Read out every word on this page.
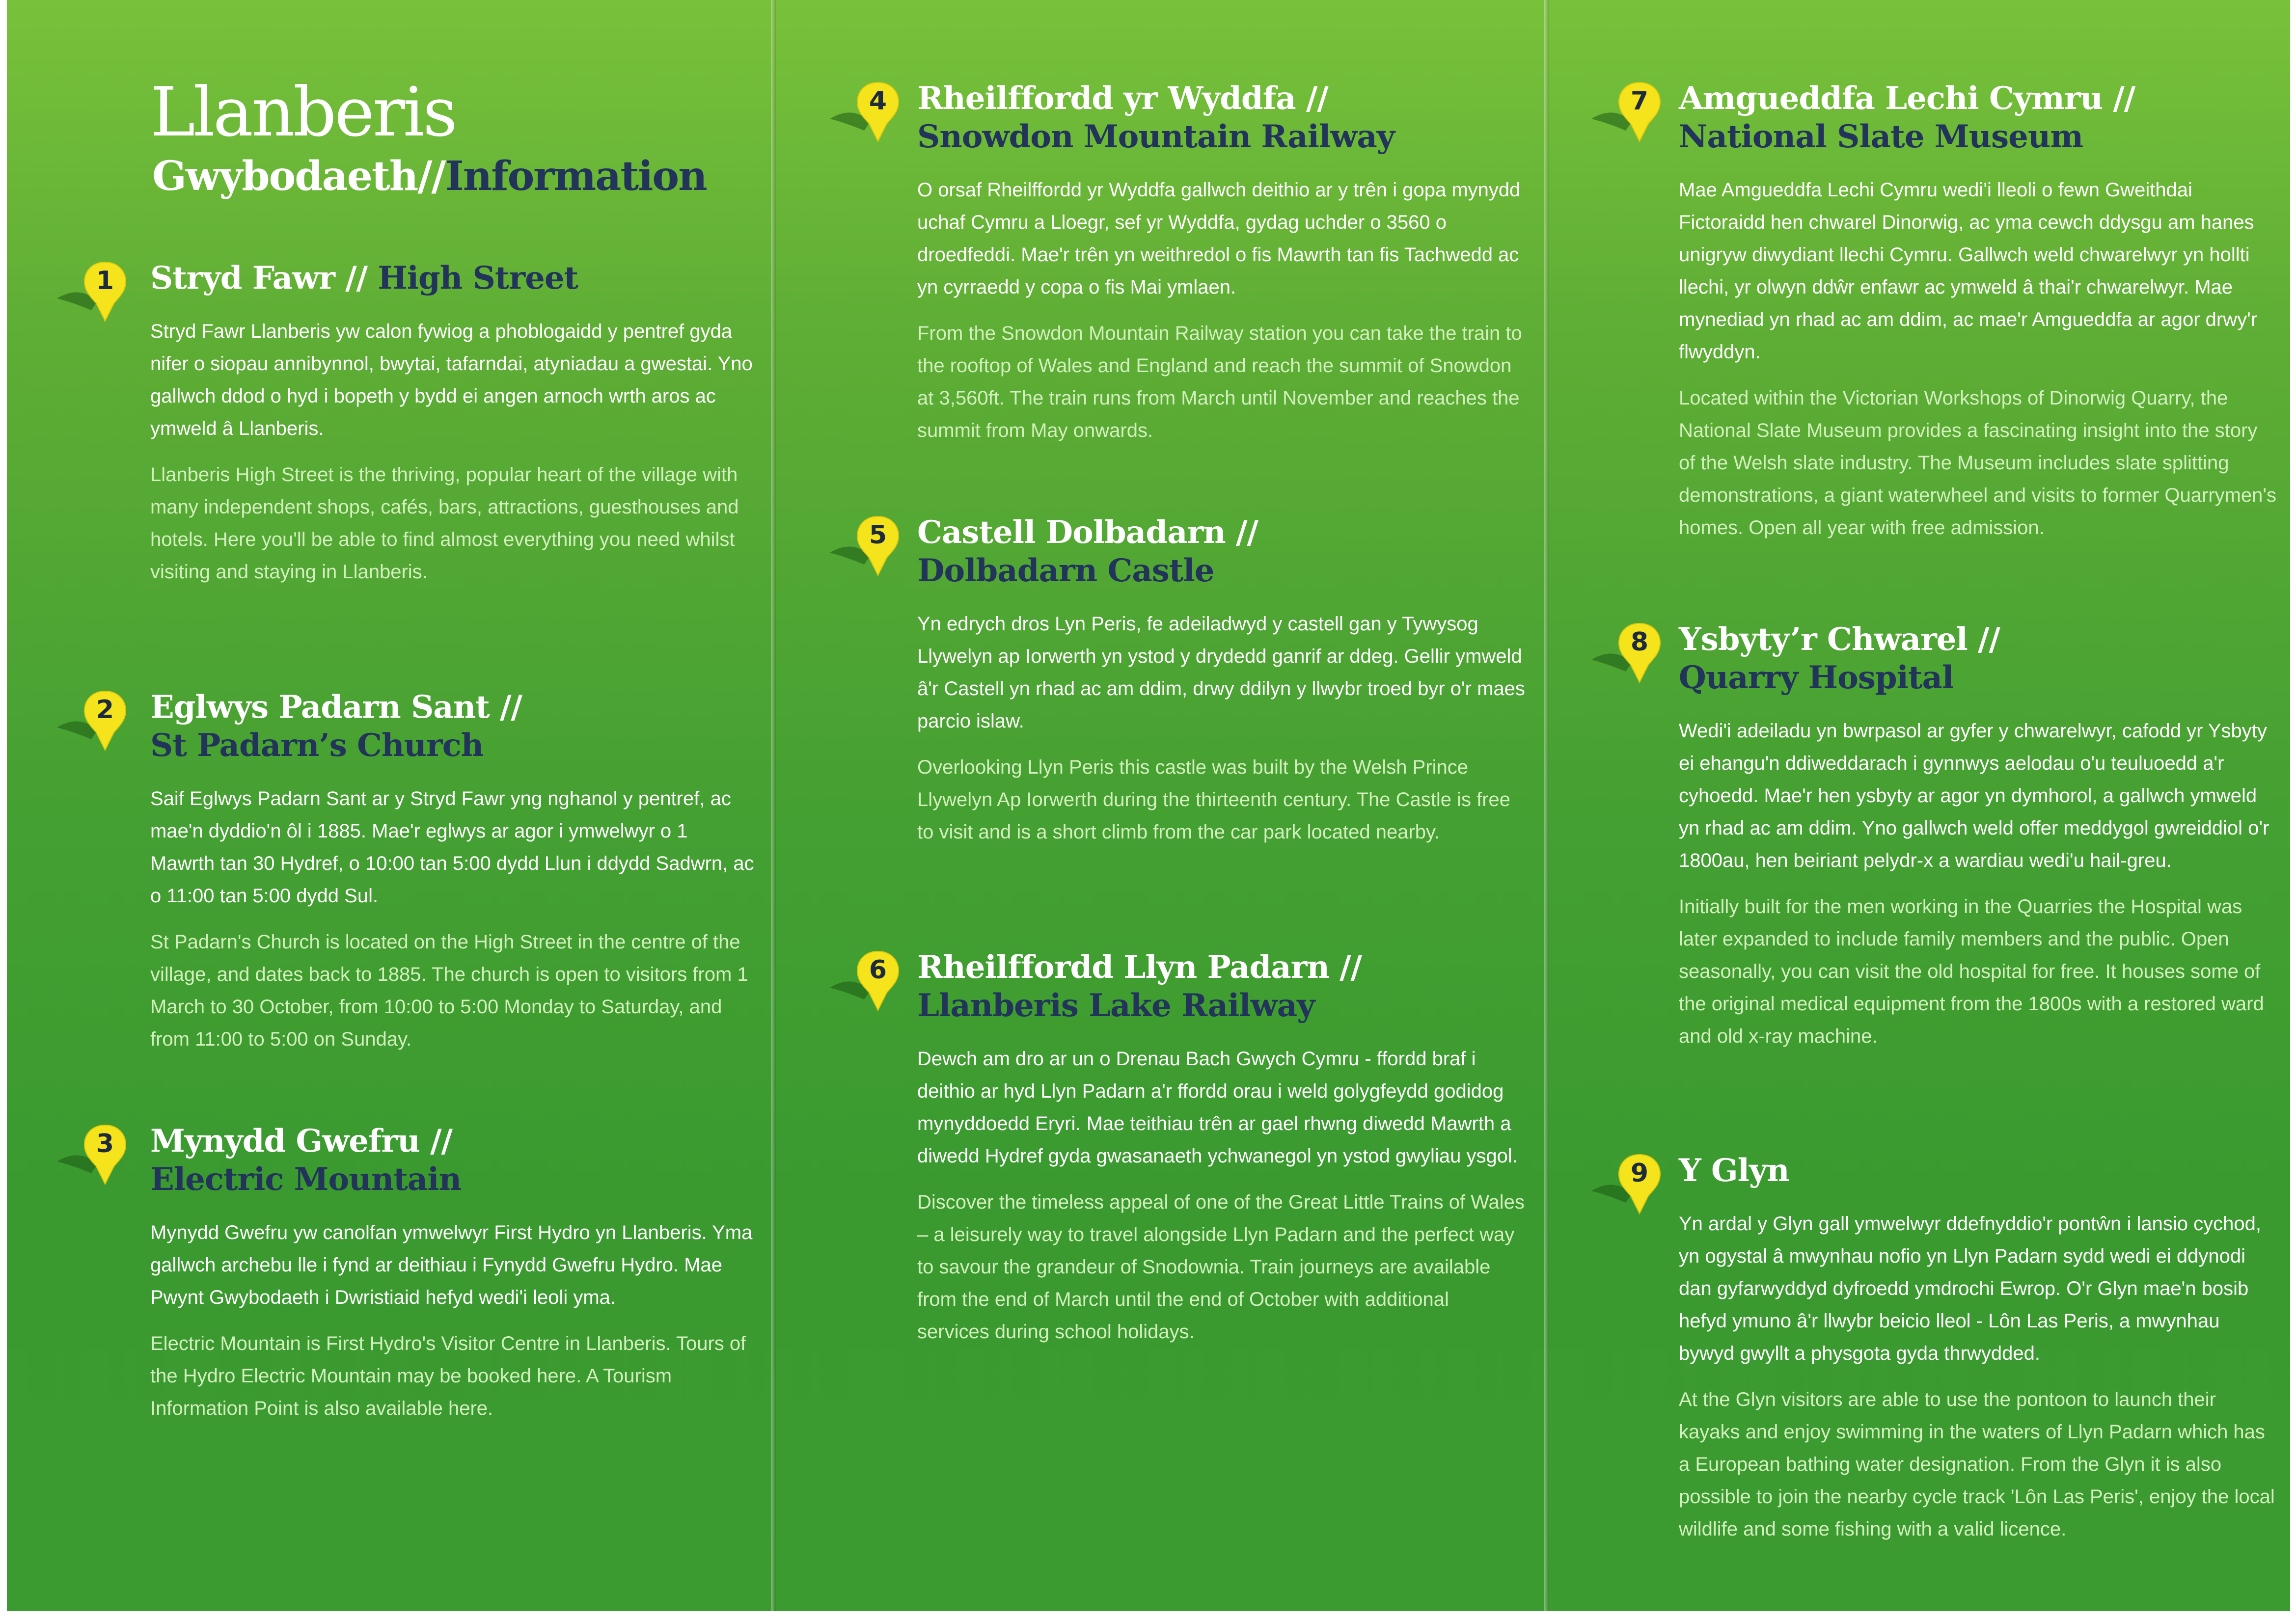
Llanberis
Gwybodaeth//Information
1	Stryd Fawr // High Street

Stryd Fawr Llanberis yw calon fywiog a phoblogaidd y pentref gyda nifer o siopau annibynnol, bwytai, tafarndai, atyniadau a gwestai. Yno gallwch ddod o hyd i bopeth y bydd ei angen arnoch wrth aros ac ymweld â Llanberis.

Llanberis High Street is the thriving, popular heart of the village with many independent shops, cafés, bars, attractions, guesthouses and hotels. Here you'll be able to find almost everything you need whilst visiting and staying in Llanberis.

2	Eglwys Padarn Sant //
St Padarn’s Church

Saif Eglwys Padarn Sant ar y Stryd Fawr yng nghanol y pentref, ac mae'n dyddio'n ôl i 1885. Mae'r eglwys ar agor i ymwelwyr o 1 Mawrth tan 30 Hydref, o 10:00 tan 5:00 dydd Llun i ddydd Sadwrn, ac o 11:00 tan 5:00 dydd Sul.

St Padarn's Church is located on the High Street in the centre of the village, and dates back to 1885. The church is open to visitors from 1 March to 30 October, from 10:00 to 5:00 Monday to Saturday, and from 11:00 to 5:00 on Sunday.

3	Mynydd Gwefru //
Electric Mountain

Mynydd Gwefru yw canolfan ymwelwyr First Hydro yn Llanberis. Yma gallwch archebu lle i fynd ar deithiau i Fynydd Gwefru Hydro. Mae Pwynt Gwybodaeth i Dwristiaid hefyd wedi'i leoli yma.

Electric Mountain is First Hydro's Visitor Centre in Llanberis. Tours of the Hydro Electric Mountain may be booked here. A Tourism Information Point is also available here.

4 Rheilffordd yr Wyddfa //
Snowdon Mountain Railway

O orsaf Rheilffordd yr Wyddfa gallwch deithio ar y trên i gopa mynydd uchaf Cymru a Lloegr, sef yr Wyddfa, gydag uchder o 3560 o droedfeddi. Mae'r trên yn weithredol o fis Mawrth tan fis Tachwedd ac yn cyrraedd y copa o fis Mai ymlaen.

From the Snowdon Mountain Railway station you can take the train to the rooftop of Wales and England and reach the summit of Snowdon at 3,560ft. The train runs from March until November and reaches the summit from May onwards.

5 Castell Dolbadarn //
Dolbadarn Castle

Yn edrych dros Lyn Peris, fe adeiladwyd y castell gan y Tywysog Llywelyn ap Iorwerth yn ystod y drydedd ganrif ar ddeg. Gellir ymweld â'r Castell yn rhad ac am ddim, drwy ddilyn y llwybr troed byr o'r maes parcio islaw.

Overlooking Llyn Peris this castle was built by the Welsh Prince Llywelyn Ap Iorwerth during the thirteenth century. The Castle is free to visit and is a short climb from the car park located nearby.

6 Rheilffordd Llyn Padarn //
Llanberis Lake Railway

Dewch am dro ar un o Drenau Bach Gwych Cymru - ffordd braf i deithio ar hyd Llyn Padarn a'r ffordd orau i weld golygfeydd godidog mynyddoedd Eryri. Mae teithiau trên ar gael rhwng diwedd Mawrth a diwedd Hydref gyda gwasanaeth ychwanegol yn ystod gwyliau ysgol.

Discover the timeless appeal of one of the Great Little Trains of Wales – a leisurely way to travel alongside Llyn Padarn and the perfect way to savour the grandeur of Snodownia. Train journeys are available from the end of March until the end of October with additional services during school holidays.

7 Amgueddfa Lechi Cymru //
National Slate Museum

Mae Amgueddfa Lechi Cymru wedi'i lleoli o fewn Gweithdai Fictoraidd hen chwarel Dinorwig, ac yma cewch ddysgu am hanes unigryw diwydiant llechi Cymru. Gallwch weld chwarelwyr yn hollti llechi, yr olwyn ddŵr enfawr ac ymweld â thai'r chwarelwyr. Mae mynediad yn rhad ac am ddim, ac mae'r Amgueddfa ar agor drwy'r flwyddyn.

Located within the Victorian Workshops of Dinorwig Quarry, the National Slate Museum provides a fascinating insight into the story of the Welsh slate industry. The Museum includes slate splitting demonstrations, a giant waterwheel and visits to former Quarrymen's homes. Open all year with free admission.

8 Ysbyty’r Chwarel //
Quarry Hospital

Wedi'i adeiladu yn bwrpasol ar gyfer y chwarelwyr, cafodd yr Ysbyty ei ehangu'n ddiweddarach i gynnwys aelodau o'u teuluoedd a'r cyhoedd. Mae'r hen ysbyty ar agor yn dymhorol, a gallwch ymweld yn rhad ac am ddim. Yno gallwch weld offer meddygol gwreiddiol o'r 1800au, hen beiriant pelydr-x a wardiau wedi'u hail-greu.

Initially built for the men working in the Quarries the Hospital was later expanded to include family members and the public. Open seasonally, you can visit the old hospital for free. It houses some of the original medical equipment from the 1800s with a restored ward and old x-ray machine.

9 Y Glyn

Yn ardal y Glyn gall ymwelwyr ddefnyddio'r pontŵn i lansio cychod, yn ogystal â mwynhau nofio yn Llyn Padarn sydd wedi ei ddynodi dan gyfarwyddyd dyfroedd ymdrochi Ewrop. O'r Glyn mae'n bosib hefyd ymuno â'r llwybr beicio lleol - Lôn Las Peris, a mwynhau bywyd gwyllt a physgota gyda thrwydded.

At the Glyn visitors are able to use the pontoon to launch their kayaks and enjoy swimming in the waters of Llyn Padarn which has a European bathing water designation. From the Glyn it is also possible to join the nearby cycle track 'Lôn Las Peris', enjoy the local wildlife and some fishing with a valid licence.
